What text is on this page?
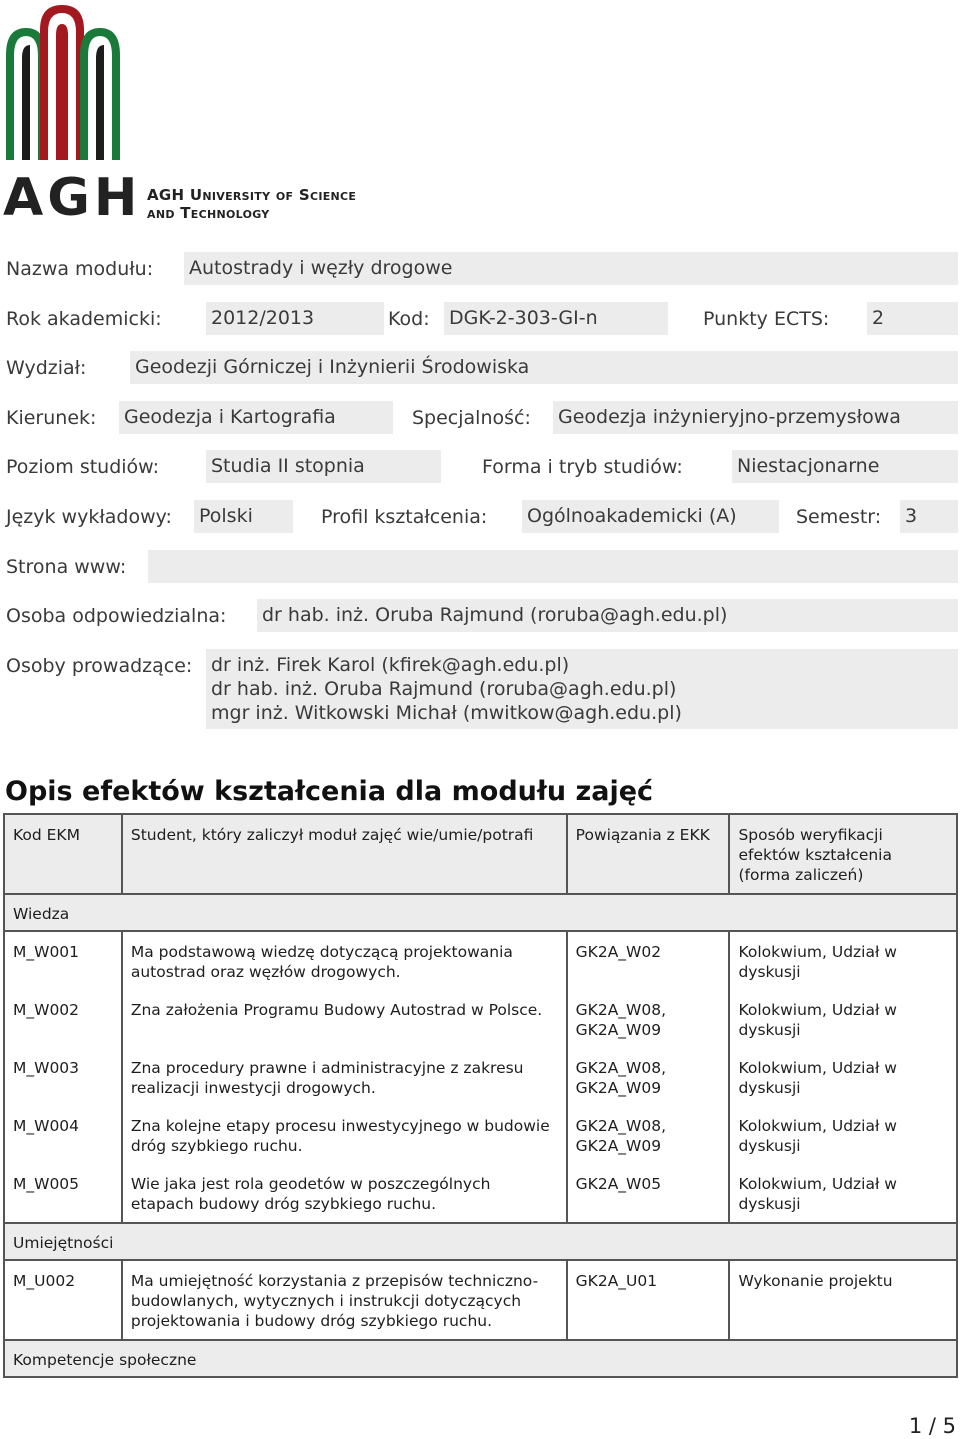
AGH AGH University of Science
and Technology
Nazwa modułu: Autostrady i węzły drogowe
Rok akademicki:	2012/2013	Kod: DGK-2-303-GI-n	Punkty ECTS: 2
Wydział:	Geodezji Górniczej i Inżynierii Środowiska
Kierunek: Geodezja i Kartografia	Specjalność: Geodezja inżynieryjno-przemysłowa
Poziom studiów:	Studia II stopnia	Forma i tryb studiów:	Niestacjonarne
Język wykładowy: Polski	Profil kształcenia: Ogólnoakademicki (A)	Semestr: 3
Strona www:
Osoba odpowiedzialna: dr hab. inż. Oruba Rajmund (roruba@agh.edu.pl)
Osoby prowadzące: dr inż. Firek Karol (kfirek@agh.edu.pl)
dr hab. inż. Oruba Rajmund (roruba@agh.edu.pl)
mgr inż. Witkowski Michał (mwitkow@agh.edu.pl)
Opis efektów kształcenia dla modułu zajęć
Kod EKM	Student, który zaliczył moduł zajęć wie/umie/potrafi	Powiązania z EKK	Sposób weryfikacji efektów kształcenia (forma zaliczeń)
Wiedza			
M_W001	Ma podstawową wiedzę dotyczącą projektowania autostrad oraz węzłów drogowych.	GK2A_W02	Kolokwium, Udział w dyskusji
M_W002	Zna założenia Programu Budowy Autostrad w Polsce.	GK2A_W08, GK2A_W09	Kolokwium, Udział w dyskusji
M_W003	Zna procedury prawne i administracyjne z zakresu realizacji inwestycji drogowych.	GK2A_W08, GK2A_W09	Kolokwium, Udział w dyskusji
M_W004	Zna kolejne etapy procesu inwestycyjnego w budowie dróg szybkiego ruchu.	GK2A_W08, GK2A_W09	Kolokwium, Udział w dyskusji
M_W005	Wie jaka jest rola geodetów w poszczególnych etapach budowy dróg szybkiego ruchu.	GK2A_W05	Kolokwium, Udział w dyskusji
Umiejętności			
M_U002	Ma umiejętność korzystania z przepisów techniczno-budowlanych, wytycznych i instrukcji dotyczących projektowania i budowy dróg szybkiego ruchu.	GK2A_U01	Wykonanie projektu
Kompetencje społeczne			
1 / 5
